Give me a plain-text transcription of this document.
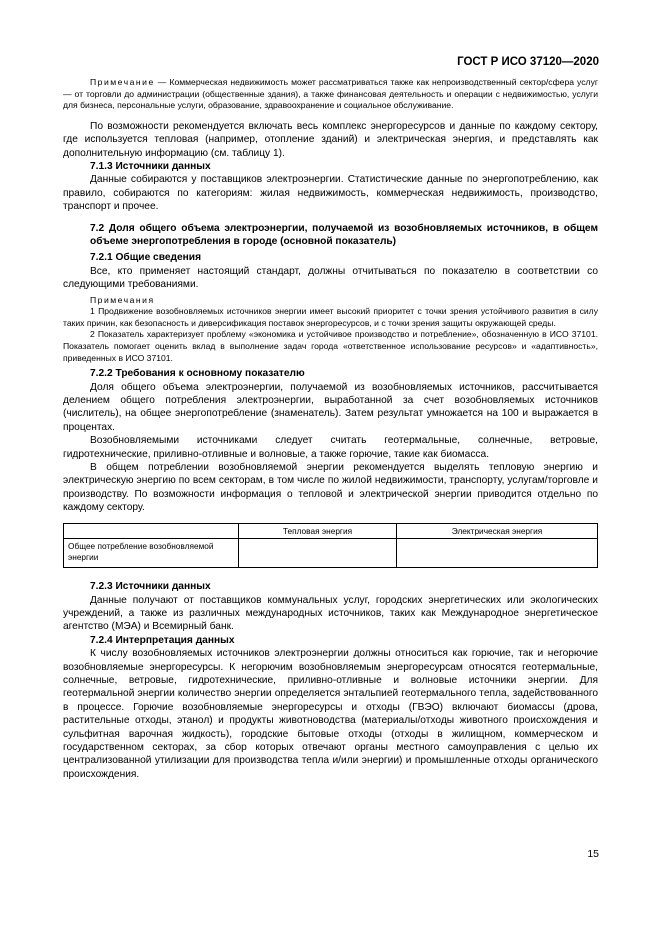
ГОСТ Р ИСО 37120—2020

Примечание — Коммерческая недвижимость может рассматриваться также как непроизводственный сектор/сфера услуг — от торговли до администрации (общественные здания), а также финансовая деятельность и операции с недвижимостью, услуги для бизнеса, персональные услуги, образование, здравоохранение и социальное обслуживание.

По возможности рекомендуется включать весь комплекс энергоресурсов и данные по каждому сектору, где используется тепловая (например, отопление зданий) и электрическая энергия, и представлять как дополнительную информацию (см. таблицу 1).

7.1.3 Источники данных

Данные собираются у поставщиков электроэнергии. Статистические данные по энергопотреблению, как правило, собираются по категориям: жилая недвижимость, коммерческая недвижимость, производство, транспорт и прочее.

7.2 Доля общего объема электроэнергии, получаемой из возобновляемых источников, в общем объеме энергопотребления в городе (основной показатель)
7.2.1 Общие сведения

Все, кто применяет настоящий стандарт, должны отчитываться по показателю в соответствии со следующими требованиями.

Примечания

1 Продвижение возобновляемых источников энергии имеет высокий приоритет с точки зрения устойчивого развития в силу таких причин, как безопасность и диверсификация поставок энергоресурсов, и с точки зрения защиты окружающей среды.

2 Показатель характеризует проблему «экономика и устойчивое производство и потребление», обозначенную в ИСО 37101. Показатель помогает оценить вклад в выполнение задач города «ответственное использование ресурсов» и «адаптивность», приведенных в ИСО 37101.

7.2.2 Требования к основному показателю

Доля общего объема электроэнергии, получаемой из возобновляемых источников, рассчитывается делением общего потребления электроэнергии, выработанной за счет возобновляемых источников (числитель), на общее энергопотребление (знаменатель). Затем результат умножается на 100 и выражается в процентах.

Возобновляемыми источниками следует считать геотермальные, солнечные, ветровые, гидротехнические, приливно-отливные и волновые, а также горючие, такие как биомасса.

В общем потреблении возобновляемой энергии рекомендуется выделять тепловую энергию и электрическую энергию по всем секторам, в том числе по жилой недвижимости, транспорту, услугам/торговле и производству. По возможности информация о тепловой и электрической энергии приводится отдельно по каждому сектору.

	Тепловая энергия	Электрическая энергия
Общее потребление возобновляемой энергии		
7.2.3 Источники данных

Данные получают от поставщиков коммунальных услуг, городских энергетических или экологических учреждений, а также из различных международных источников, таких как Международное энергетическое агентство (МЭА) и Всемирный банк.

7.2.4 Интерпретация данных

К числу возобновляемых источников электроэнергии должны относиться как горючие, так и негорючие возобновляемые энергоресурсы. К негорючим возобновляемым энергоресурсам относятся геотермальные, солнечные, ветровые, гидротехнические, приливно-отливные и волновые источники энергии. Для геотермальной энергии количество энергии определяется энтальпией геотермального тепла, задействованного в процессе. Горючие возобновляемые энергоресурсы и отходы (ГВЭО) включают биомассы (дрова, растительные отходы, этанол) и продукты животноводства (материалы/отходы животного происхождения и сульфитная варочная жидкость), городские бытовые отходы (отходы в жилищном, коммерческом и государственном секторах, за сбор которых отвечают органы местного самоуправления с целью их централизованной утилизации для производства тепла и/или энергии) и промышленные отходы органического происхождения.

15
